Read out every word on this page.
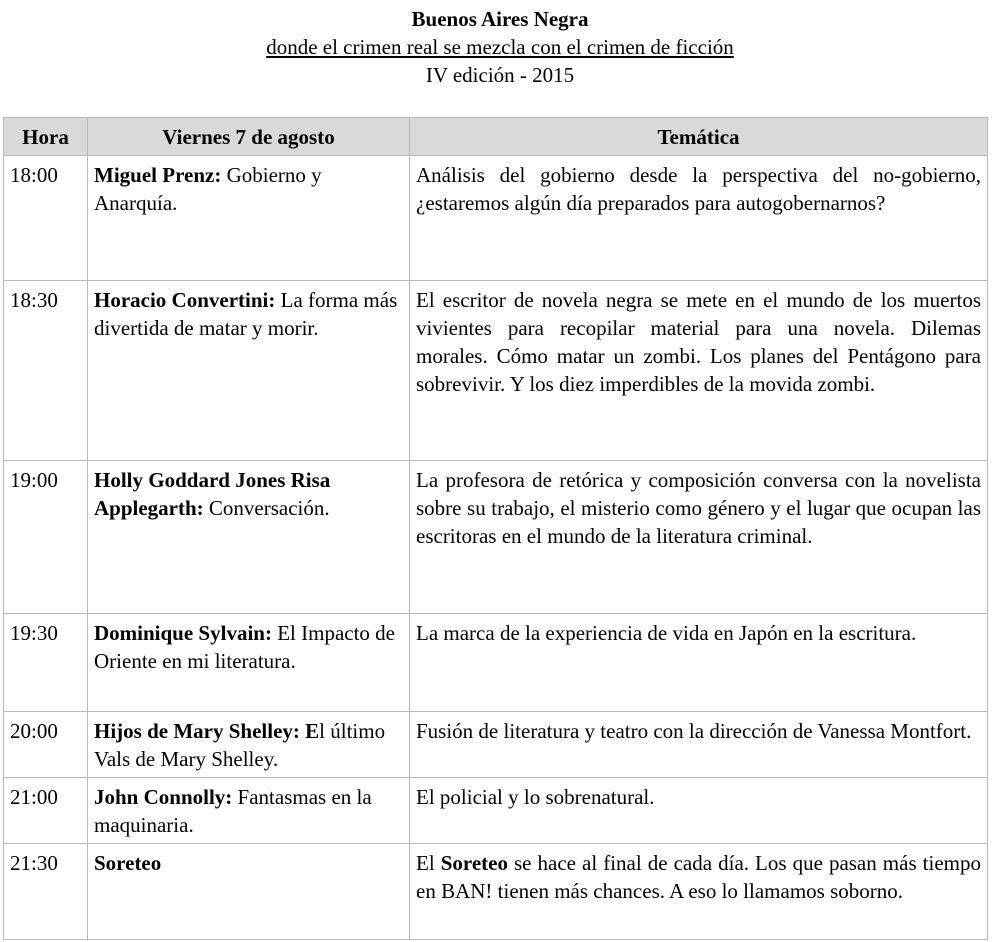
Buenos Aires Negra
donde el crimen real se mezcla con el crimen de ficción
IV edición - 2015
Hora	Viernes 7 de agosto	Temática
18:00	Miguel Prenz: Gobierno y Anarquía.	Análisis del gobierno desde la perspectiva del no-gobierno, ¿estaremos algún día preparados para autogobernarnos?
18:30	Horacio Convertini: La forma más divertida de matar y morir.	El escritor de novela negra se mete en el mundo de los muertos vivientes para recopilar material para una novela. Dilemas morales. Cómo matar un zombi. Los planes del Pentágono para sobrevivir. Y los diez imperdibles de la movida zombi.
19:00	Holly Goddard Jones Risa Applegarth: Conversación.	La profesora de retórica y composición conversa con la novelista sobre su trabajo, el misterio como género y el lugar que ocupan las escritoras en el mundo de la literatura criminal.
19:30	Dominique Sylvain: El Impacto de Oriente en mi literatura.	La marca de la experiencia de vida en Japón en la escritura.
20:00	Hijos de Mary Shelley: El último Vals de Mary Shelley.	Fusión de literatura y teatro con la dirección de Vanessa Montfort.
21:00	John Connolly: Fantasmas en la maquinaria.	El policial y lo sobrenatural.
21:30	Soreteo	El Soreteo se hace al final de cada día. Los que pasan más tiempo en BAN! tienen más chances. A eso lo llamamos soborno.
